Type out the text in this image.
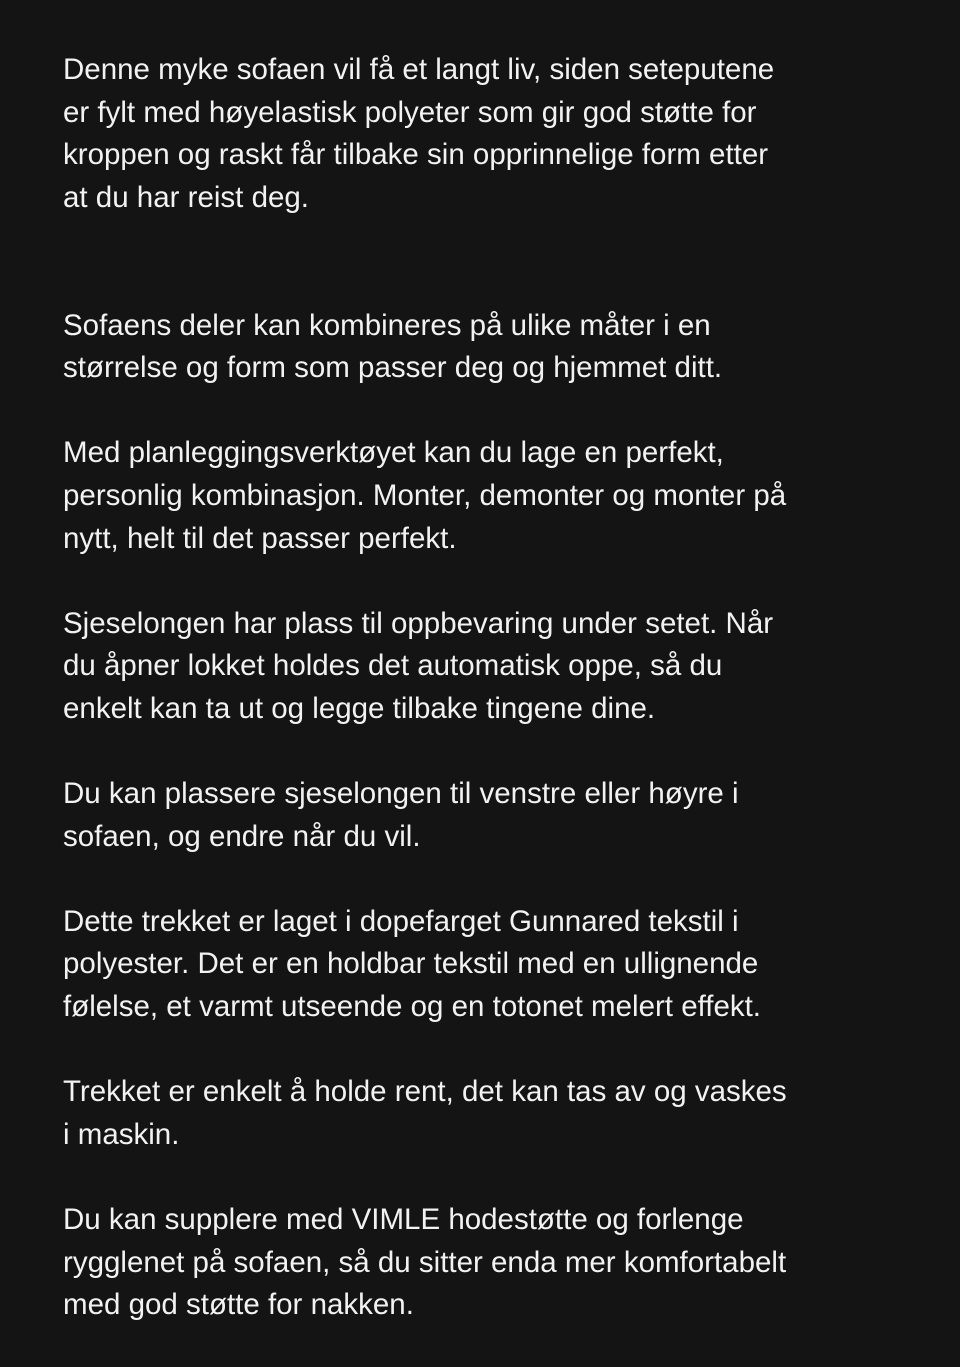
Denne myke sofaen vil få et langt liv, siden seteputene
er fylt med høyelastisk polyeter som gir god støtte for
kroppen og raskt får tilbake sin opprinnelige form etter
at du har reist deg.

Sofaens deler kan kombineres på ulike måter i en
størrelse og form som passer deg og hjemmet ditt.

Med planleggingsverktøyet kan du lage en perfekt,
personlig kombinasjon. Monter, demonter og monter på
nytt, helt til det passer perfekt.

Sjeselongen har plass til oppbevaring under setet. Når
du åpner lokket holdes det automatisk oppe, så du
enkelt kan ta ut og legge tilbake tingene dine.

Du kan plassere sjeselongen til venstre eller høyre i
sofaen, og endre når du vil.

Dette trekket er laget i dopefarget Gunnared tekstil i
polyester. Det er en holdbar tekstil med en ullignende
følelse, et varmt utseende og en totonet melert effekt.

Trekket er enkelt å holde rent, det kan tas av og vaskes
i maskin.

Du kan supplere med VIMLE hodestøtte og forlenge
rygglenet på sofaen, så du sitter enda mer komfortabelt
med god støtte for nakken.
